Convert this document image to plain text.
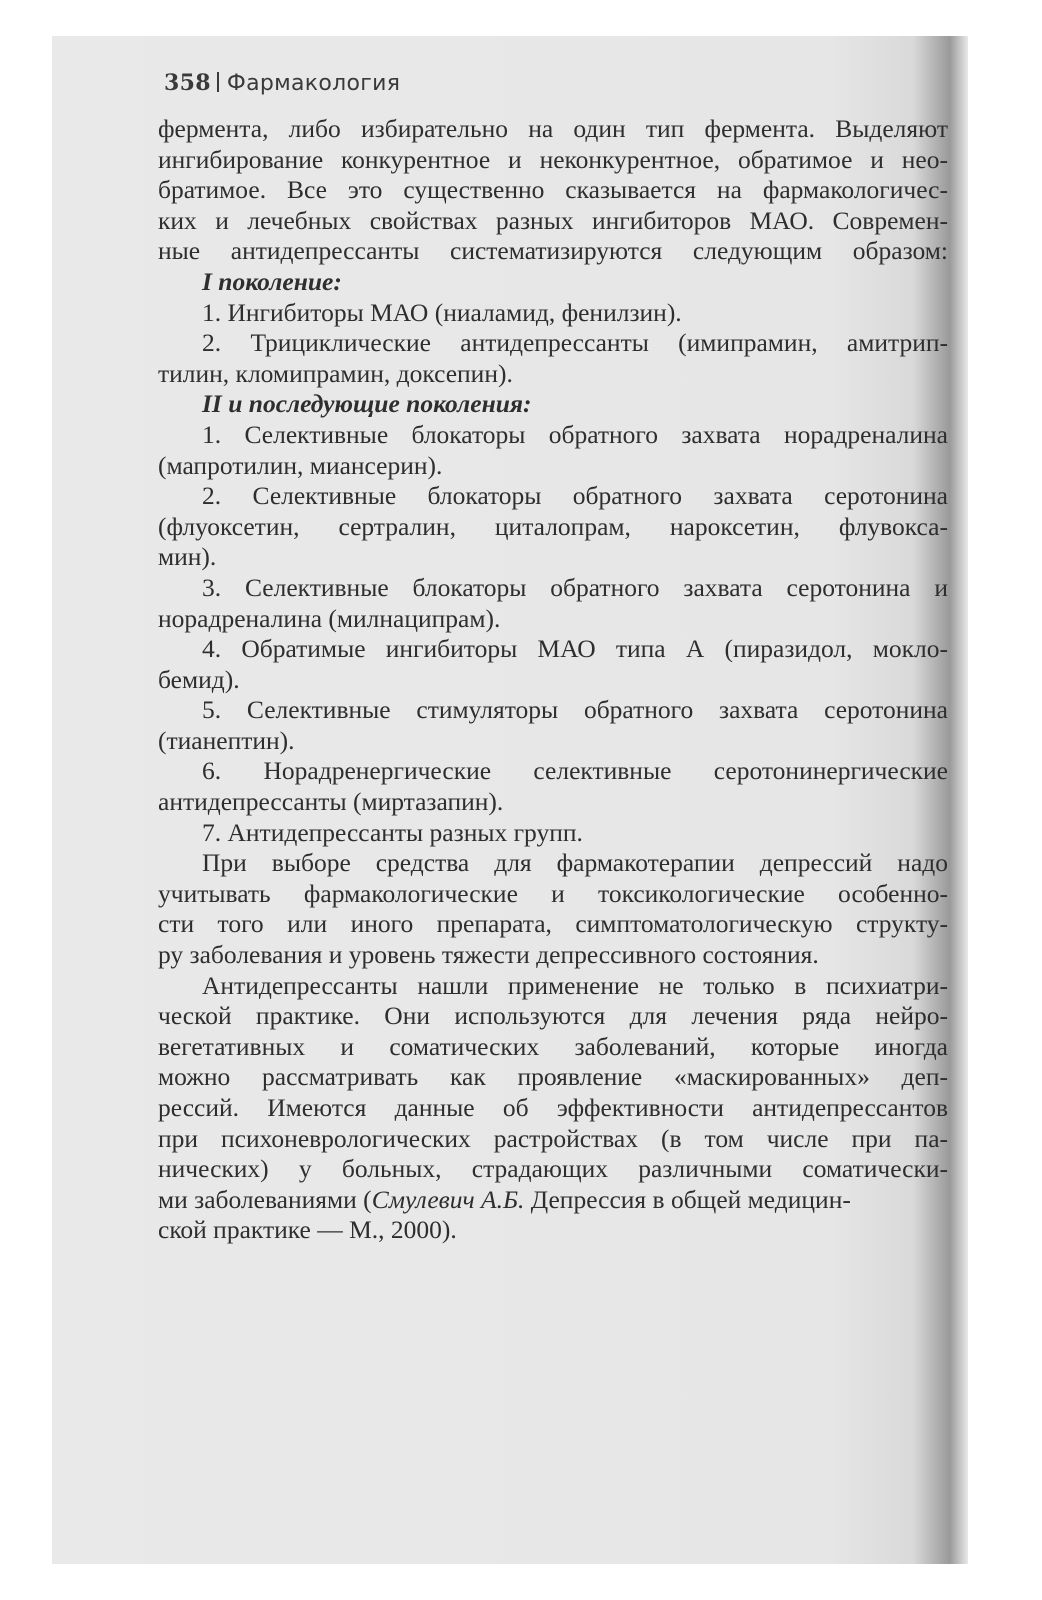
358 Фармакология
фермента, либо избирательно на один тип фермента. Выделяют
ингибирование конкурентное и неконкурентное, обратимое и нео-
братимое. Все это существенно сказывается на фармакологичес-
ких и лечебных свойствах разных ингибиторов МАО. Современ-
ные антидепрессанты систематизируются следующим образом:
I поколение:
1. Ингибиторы МАО (ниаламид, фенилзин).
2. Трициклические антидепрессанты (имипрамин, амитрип-
тилин, кломипрамин, доксепин).
II и последующие поколения:
1. Селективные блокаторы обратного захвата норадреналина
(мапротилин, миансерин).
2. Селективные блокаторы обратного захвата серотонина
(флуоксетин, сертралин, циталопрам, нароксетин, флувокса-
мин).
3. Селективные блокаторы обратного захвата серотонина и
норадреналина (милнаципрам).
4. Обратимые ингибиторы МАО типа А (пиразидол, мокло-
бемид).
5. Селективные стимуляторы обратного захвата серотонина
(тианептин).
6. Норадренергические селективные серотонинергические
антидепрессанты (миртазапин).
7. Антидепрессанты разных групп.
При выборе средства для фармакотерапии депрессий надо
учитывать фармакологические и токсикологические особенно-
сти того или иного препарата, симптоматологическую структу-
ру заболевания и уровень тяжести депрессивного состояния.
Антидепрессанты нашли применение не только в психиатри-
ческой практике. Они используются для лечения ряда нейро-
вегетативных и соматических заболеваний, которые иногда
можно рассматривать как проявление «маскированных» деп-
рессий. Имеются данные об эффективности антидепрессантов
при психоневрологических растройствах (в том числе при па-
нических) у больных, страдающих различными соматически-
ми заболеваниями (Смулевич А.Б. Депрессия в общей медицин-
ской практике — М., 2000).
